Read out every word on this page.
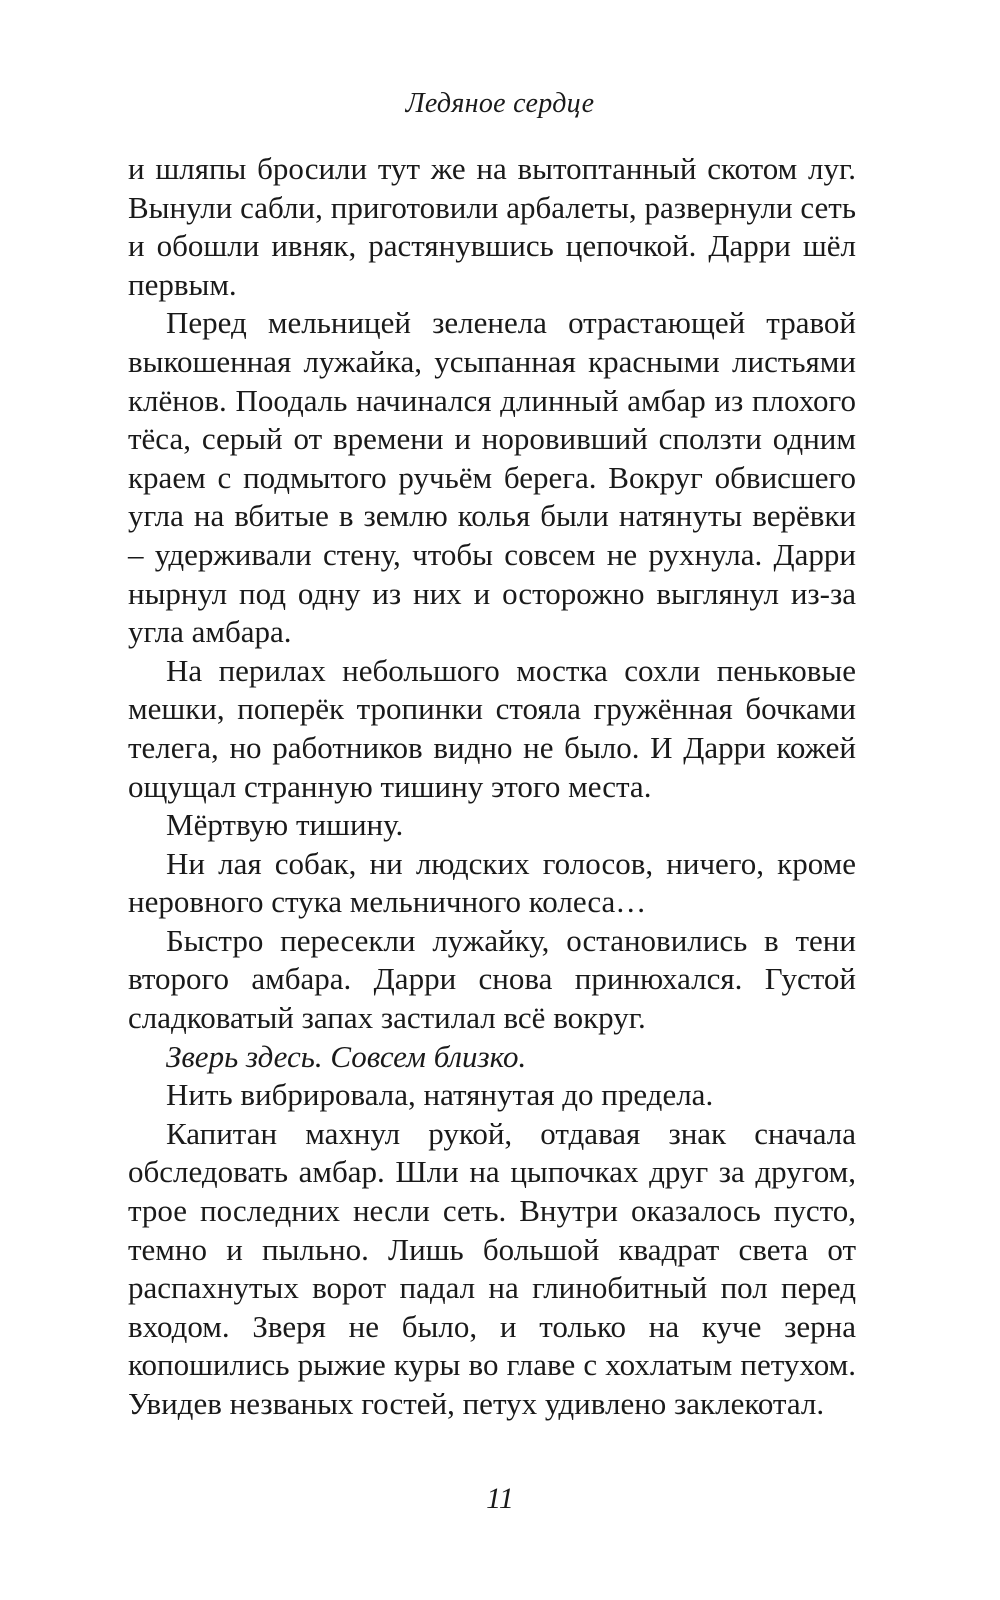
Ледяное сердце

и шляпы бросили тут же на вытоптанный скотом луг. Вынули сабли, приготовили арбалеты, развернули сеть и обошли ивняк, растянувшись цепочкой. Дарри шёл первым.

Перед мельницей зеленела отрастающей травой выкошенная лужайка, усыпанная красными листьями клёнов. Поодаль начинался длинный амбар из плохого тёса, серый от времени и норовивший сползти одним краем с подмытого ручьём берега. Вокруг обвисшего угла на вбитые в землю колья были натянуты верёвки – удерживали стену, чтобы совсем не рухнула. Дарри нырнул под одну из них и осторожно выглянул из-за угла амбара.

На перилах небольшого мостка сохли пеньковые мешки, поперёк тропинки стояла гружённая бочками телега, но работников видно не было. И Дарри кожей ощущал странную тишину этого места.

Мёртвую тишину.

Ни лая собак, ни людских голосов, ничего, кроме неровного стука мельничного колеса…

Быстро пересекли лужайку, остановились в тени второго амбара. Дарри снова принюхался. Густой сладковатый запах застилал всё вокруг.

Зверь здесь. Совсем близко.

Нить вибрировала, натянутая до предела.

Капитан махнул рукой, отдавая знак сначала обследовать амбар. Шли на цыпочках друг за другом, трое последних несли сеть. Внутри оказалось пусто, темно и пыльно. Лишь большой квадрат света от распахнутых ворот падал на глинобитный пол перед входом. Зверя не было, и только на куче зерна копошились рыжие куры во главе с хохлатым петухом. Увидев незваных гостей, петух удивлено заклекотал.

11
